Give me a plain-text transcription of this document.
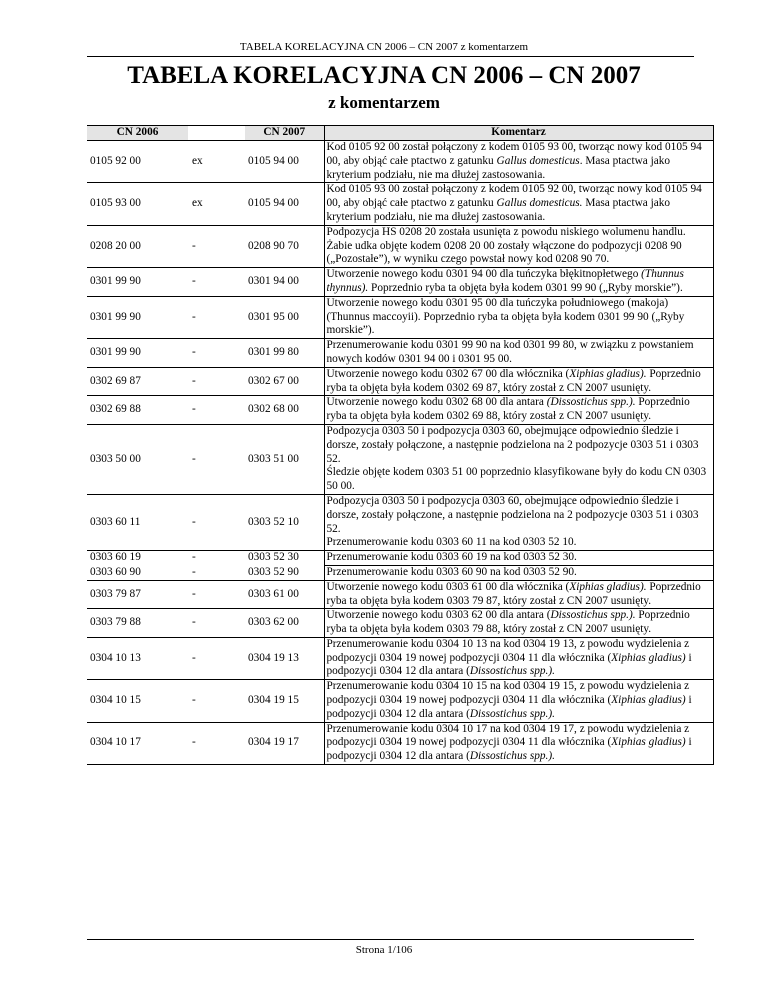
TABELA KORELACYJNA CN 2006 – CN 2007 z komentarzem
TABELA KORELACYJNA CN 2006 – CN 2007
z komentarzem
CN 2006		CN 2007	Komentarz
0105 92 00	ex	0105 94 00	Kod 0105 92 00 został połączony z kodem 0105 93 00, tworząc nowy kod 0105 94 00, aby objąć całe ptactwo z gatunku Gallus domesticus. Masa ptactwa jako kryterium podziału, nie ma dłużej zastosowania.
0105 93 00	ex	0105 94 00	Kod 0105 93 00 został połączony z kodem 0105 92 00, tworząc nowy kod 0105 94 00, aby objąć całe ptactwo z gatunku Gallus domesticus. Masa ptactwa jako kryterium podziału, nie ma dłużej zastosowania.
0208 20 00	-	0208 90 70	Podpozycja HS 0208 20 została usunięta z powodu niskiego wolumenu handlu. Żabie udka objęte kodem 0208 20 00 zostały włączone do podpozycji 0208 90 („Pozostałe”), w wyniku czego powstał nowy kod 0208 90 70.
0301 99 90	-	0301 94 00	Utworzenie nowego kodu 0301 94 00 dla tuńczyka błękitnopłetwego (Thunnus thynnus). Poprzednio ryba ta objęta była kodem 0301 99 90 („Ryby morskie”).
0301 99 90	-	0301 95 00	Utworzenie nowego kodu 0301 95 00 dla tuńczyka południowego (makoja) (Thunnus maccoyii). Poprzednio ryba ta objęta była kodem 0301 99 90 („Ryby morskie”).
0301 99 90	-	0301 99 80	Przenumerowanie kodu 0301 99 90 na kod 0301 99 80, w związku z powstaniem nowych kodów 0301 94 00 i 0301 95 00.
0302 69 87	-	0302 67 00	Utworzenie nowego kodu 0302 67 00 dla włócznika (Xiphias gladius). Poprzednio ryba ta objęta była kodem 0302 69 87, który został z CN 2007 usunięty.
0302 69 88	-	0302 68 00	Utworzenie nowego kodu 0302 68 00 dla antara (Dissostichus spp.). Poprzednio ryba ta objęta była kodem 0302 69 88, który został z CN 2007 usunięty.
0303 50 00	-	0303 51 00	Podpozycja 0303 50 i podpozycja 0303 60, obejmujące odpowiednio śledzie i dorsze, zostały połączone, a następnie podzielona na 2 podpozycje 0303 51 i 0303 52.
Śledzie objęte kodem 0303 51 00 poprzednio klasyfikowane były do kodu CN 0303 50 00.
0303 60 11	-	0303 52 10	Podpozycja 0303 50 i podpozycja 0303 60, obejmujące odpowiednio śledzie i dorsze, zostały połączone, a następnie podzielona na 2 podpozycje 0303 51 i 0303 52.
Przenumerowanie kodu 0303 60 11 na kod 0303 52 10.
0303 60 19	-	0303 52 30	Przenumerowanie kodu 0303 60 19 na kod 0303 52 30.
0303 60 90	-	0303 52 90	Przenumerowanie kodu 0303 60 90 na kod 0303 52 90.
0303 79 87	-	0303 61 00	Utworzenie nowego kodu 0303 61 00 dla włócznika (Xiphias gladius). Poprzednio ryba ta objęta była kodem 0303 79 87, który został z CN 2007 usunięty.
0303 79 88	-	0303 62 00	Utworzenie nowego kodu 0303 62 00 dla antara (Dissostichus spp.). Poprzednio ryba ta objęta była kodem 0303 79 88, który został z CN 2007 usunięty.
0304 10 13	-	0304 19 13	Przenumerowanie kodu 0304 10 13 na kod 0304 19 13, z powodu wydzielenia z podpozycji 0304 19 nowej podpozycji 0304 11 dla włócznika (Xiphias gladius) i podpozycji 0304 12 dla antara (Dissostichus spp.).
0304 10 15	-	0304 19 15	Przenumerowanie kodu 0304 10 15 na kod 0304 19 15, z powodu wydzielenia z podpozycji 0304 19 nowej podpozycji 0304 11 dla włócznika (Xiphias gladius) i podpozycji 0304 12 dla antara (Dissostichus spp.).
0304 10 17	-	0304 19 17	Przenumerowanie kodu 0304 10 17 na kod 0304 19 17, z powodu wydzielenia z podpozycji 0304 19 nowej podpozycji 0304 11 dla włócznika (Xiphias gladius) i podpozycji 0304 12 dla antara (Dissostichus spp.).
Strona 1/106
